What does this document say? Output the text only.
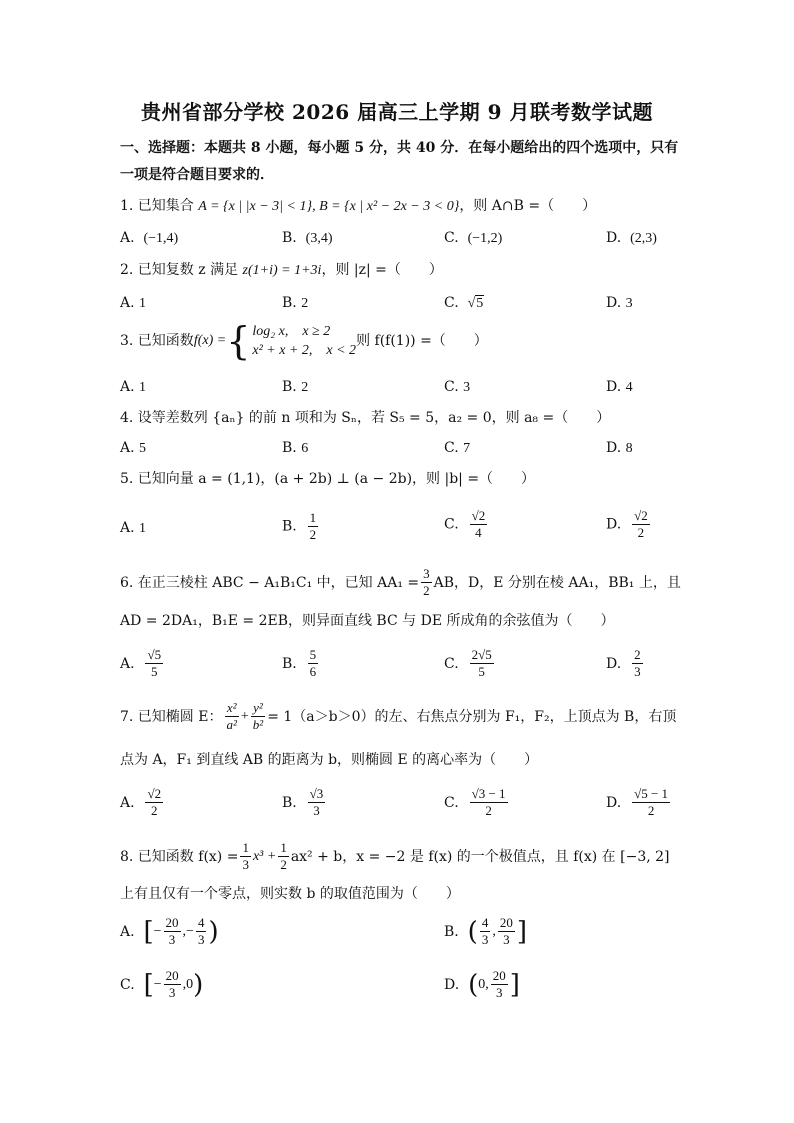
贵州省部分学校 2026 届高三上学期 9 月联考数学试题
一、选择题：本题共 8 小题，每小题 5 分，共 40 分．在每小题给出的四个选项中，只有
一项是符合题目要求的．
1. 已知集合 A = {x | |x − 3| < 1}, B = {x | x² − 2x − 3 < 0}，则 A∩B =（　　）
A. (−1,4)	B. (3,4)	C. (−1,2)	D. (2,3)
2. 已知复数 z 满足 z(1+i) = 1+3i，则 |z| =（　　）
A. 1	B. 2	C. √5	D. 3
3. 已知函数 f(x) = { log₂ x,　x ≥ 2
x² + x + 2,　x < 2
则 f(f(1)) =（　　）
A. 1	B. 2	C. 3	D. 4
4. 设等差数列 {aₙ} 的前 n 项和为 Sₙ，若 S₅ = 5，a₂ = 0，则 a₈ =（　　）
A. 5	B. 6	C. 7	D. 8
5. 已知向量 a = (1,1)，(a + 2b) ⊥ (a − 2b)，则 |b| =（　　）
A. 1	B. $\frac{1}{2}$	C. $\frac{√2}{4}$	D. $\frac{√2}{2}$
6. 在正三棱柱 ABC − A₁B₁C₁ 中，已知 $AA_1 = \frac{3}{2}$ AB，D，E 分别在棱 AA₁，BB₁ 上，且
AD = 2DA₁，B₁E = 2EB，则异面直线 BC 与 DE 所成角的余弦值为（　　）
A.
$\frac{√5}{5}$	B.
$\frac{5}{6}$	C.
$\frac{2√5}{5}$	D.
$\frac{2}{3}$
7. 已知椭圆 E： $\frac{\text{x²}}{\text{a²}} + \frac{\text{y²}}{\text{b²}} = 1(a>b>0)$的左、右焦点分别为 F₁，F₂，上顶点为 B，右顶
点为 A，F₁ 到直线 AB 的距离为 b，则椭圆 E 的离心率为（　　）
A.
$\frac{√2}{2}$	B.
$\frac{√3}{3}$	C.
$\frac{√3 - 1}{2}$	D.
$\frac{√5 - 1}{2}$
8. 已知函数 $f(x) = \frac{1}{3} x^3 + \frac{1}{2} ax^2 + b$，x = −2 是 f(x) 的一个极值点，且 f(x) 在 [−3, 2]
上有且仅有一个零点，则实数 b 的取值范围为（　　）
A.
[ − $\frac{20}{3}$ , − $\frac{4}{3}$ )	B.
( $\frac{4}{3}$ , $\frac{20}{3}$ ]
C.
[ − $\frac{20}{3}$ , 0 )	D.
( 0 , $\frac{20}{3}$ ]
